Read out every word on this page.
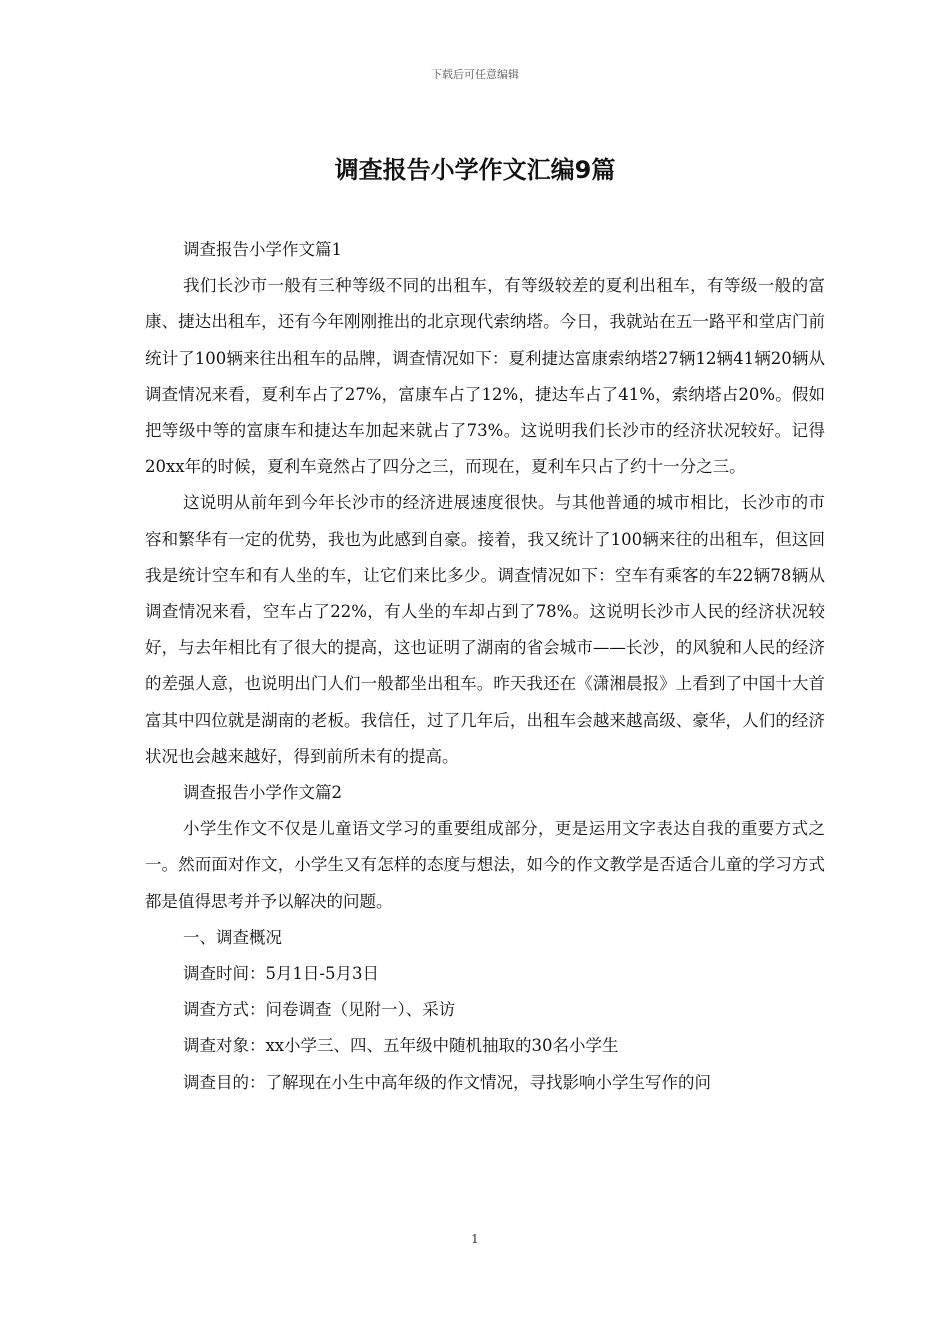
下载后可任意编辑
调查报告小学作文汇编9篇

调查报告小学作文篇1

我们长沙市一般有三种等级不同的出租车，有等级较差的夏利出租车，有等级一般的富康、捷达出租车，还有今年刚刚推出的北京现代索纳塔。今日，我就站在五一路平和堂店门前统计了100辆来往出租车的品牌，调查情况如下：夏利捷达富康索纳塔27辆12辆41辆20辆从调查情况来看，夏利车占了27%，富康车占了12%，捷达车占了41%，索纳塔占20%。假如把等级中等的富康车和捷达车加起来就占了73%。这说明我们长沙市的经济状况较好。记得20xx年的时候，夏利车竟然占了四分之三，而现在，夏利车只占了约十一分之三。

这说明从前年到今年长沙市的经济进展速度很快。与其他普通的城市相比，长沙市的市容和繁华有一定的优势，我也为此感到自豪。接着，我又统计了100辆来往的出租车，但这回我是统计空车和有人坐的车，让它们来比多少。调查情况如下：空车有乘客的车22辆78辆从调查情况来看，空车占了22%，有人坐的车却占到了78%。这说明长沙市人民的经济状况较好，与去年相比有了很大的提高，这也证明了湖南的省会城市——长沙，的风貌和人民的经济的差强人意，也说明出门人们一般都坐出租车。昨天我还在《潇湘晨报》上看到了中国十大首富其中四位就是湖南的老板。我信任，过了几年后，出租车会越来越高级、豪华，人们的经济状况也会越来越好，得到前所未有的提高。

调查报告小学作文篇2

小学生作文不仅是儿童语文学习的重要组成部分，更是运用文字表达自我的重要方式之一。然而面对作文，小学生又有怎样的态度与想法，如今的作文教学是否适合儿童的学习方式都是值得思考并予以解决的问题。

一、调查概况

调查时间：5月1日-5月3日

调查方式：问卷调查（见附一）、采访

调查对象：xx小学三、四、五年级中随机抽取的30名小学生

调查目的：了解现在小生中高年级的作文情况，寻找影响小学生写作的问

1
